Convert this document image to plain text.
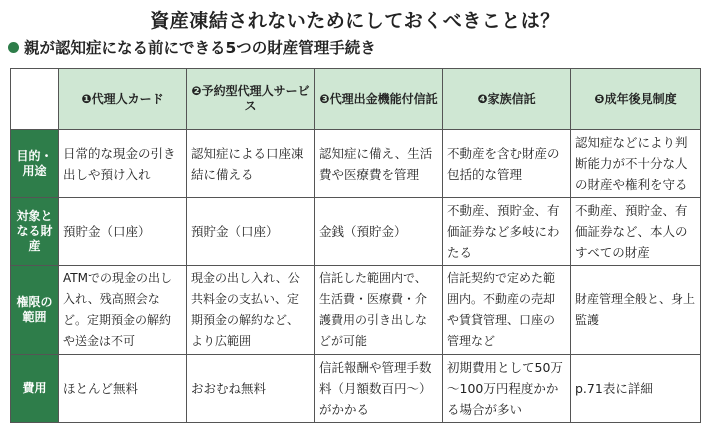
資産凍結されないためにしておくべきことは？
親が認知症になる前にできる5つの財産管理手続き
	❶代理人カード	❷予約型代理人サービス	❸代理出金機能付信託	❹家族信託	❺成年後見制度
目的・用途	日常的な現金の引き出しや預け入れ	認知症による口座凍結に備える	認知症に備え、生活費や医療費を管理	不動産を含む財産の包括的な管理	認知症などにより判断能力が不十分な人の財産や権利を守る
対象となる財産	預貯金（口座）	預貯金（口座）	金銭（預貯金）	不動産、預貯金、有価証券など多岐にわたる	不動産、預貯金、有価証券など、本人のすべての財産
権限の範囲	ATMでの現金の出し入れ、残高照会など。定期預金の解約や送金は不可	現金の出し入れ、公共料金の支払い、定期預金の解約など、より広範囲	信託した範囲内で、生活費・医療費・介護費用の引き出しなどが可能	信託契約で定めた範囲内。不動産の売却や賃貸管理、口座の管理など	財産管理全般と、身上監護
費用	ほとんど無料	おおむね無料	信託報酬や管理手数料（月額数百円～）がかかる	初期費用として50万～100万円程度かかる場合が多い	p.71表に詳細
